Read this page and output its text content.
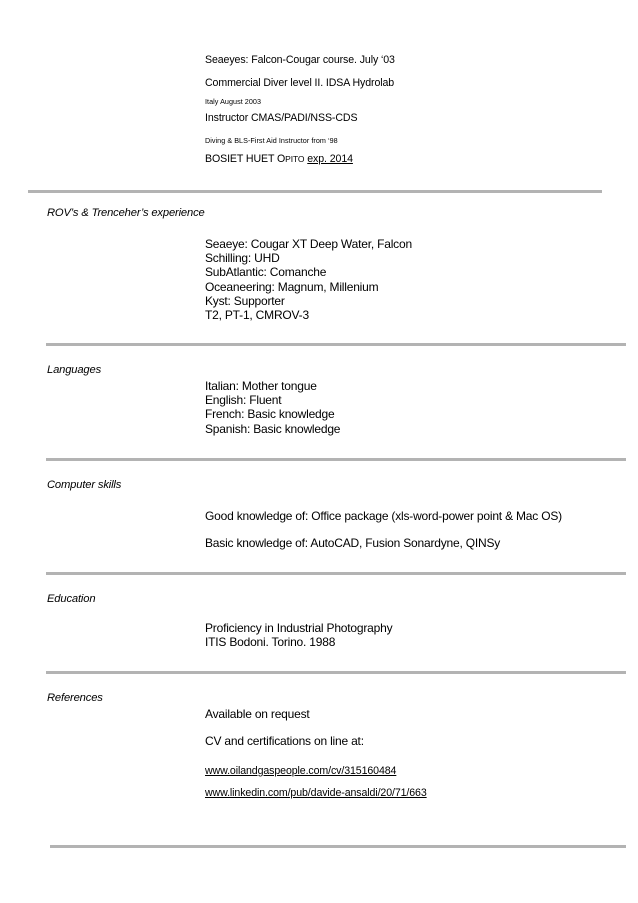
Seaeyes: Falcon-Cougar course. July ‘03
Commercial Diver level II. IDSA Hydrolab
Italy August 2003
Instructor CMAS/PADI/NSS-CDS
Diving & BLS-First Aid Instructor from ‘98
BOSIET HUET OPITO exp. 2014
ROV’s & Trenceher’s experience
Seaeye: Cougar XT Deep Water, Falcon
Schilling: UHD
SubAtlantic: Comanche
Oceaneering: Magnum, Millenium
Kyst: Supporter
T2, PT-1, CMROV-3
Languages
Italian: Mother tongue
English: Fluent
French: Basic knowledge
Spanish: Basic knowledge
Computer skills
Good knowledge of: Office package (xls-word-power point & Mac OS)
Basic knowledge of: AutoCAD, Fusion Sonardyne, QINSy
Education
Proficiency in Industrial Photography
ITIS Bodoni. Torino. 1988
References
Available on request
CV and certifications on line at:
www.oilandgaspeople.com/cv/315160484
www.linkedin.com/pub/davide-ansaldi/20/71/663
